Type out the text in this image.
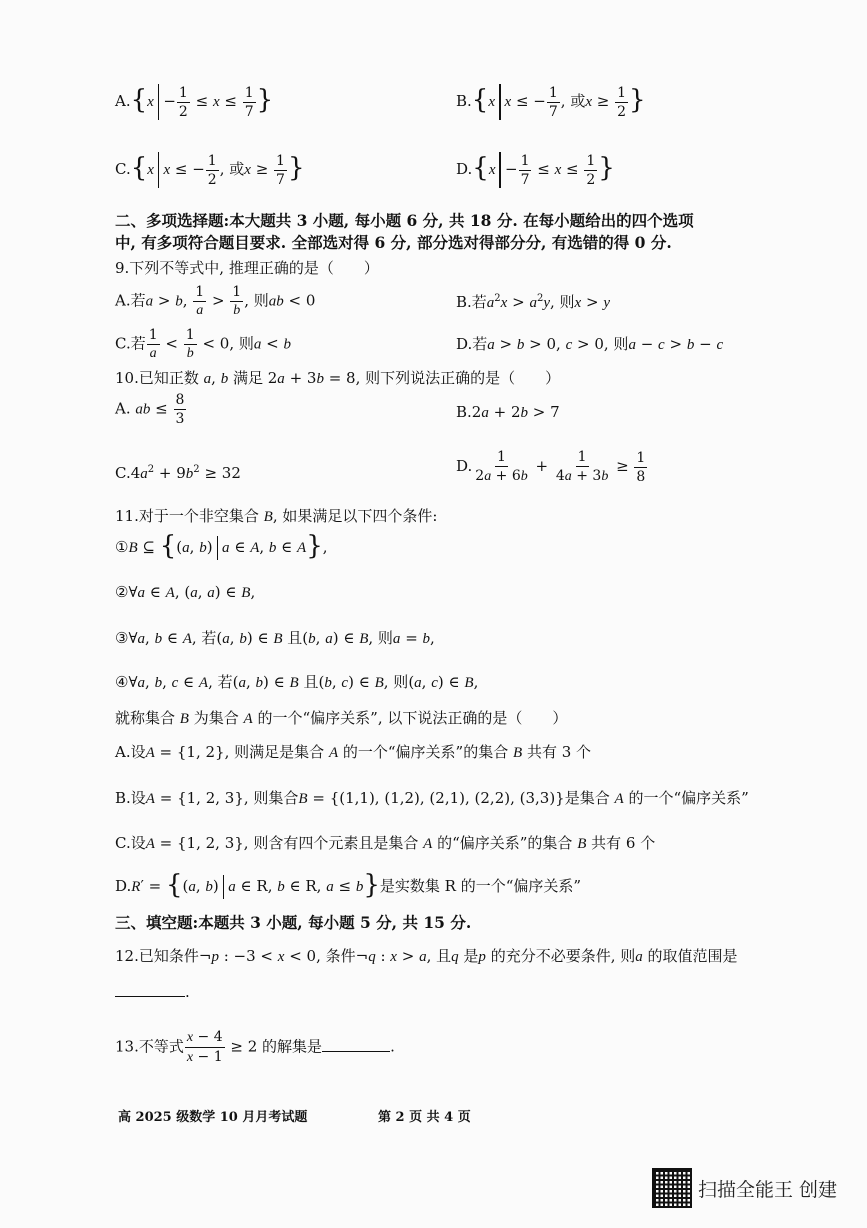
$A.\{x - \frac{1}{2} \le x \le \frac{1}{7}$ }	B.{x x ≤ − $\frac{1}{7}$ , 或$x \ge \frac{1}{2}$ }
C.{x x ≤ − $\frac{1}{2}$ , 或$x \ge \frac{1}{7}$ }	$D.\{x - \frac{1}{7} \le x \le \frac{1}{2}$ }
二、多项选择题:本大题共 3 小题, 每小题 6 分, 共 18 分. 在每小题给出的四个选项
中, 有多项符合题目要求. 全部选对得 6 分, 部分选对得部分分, 有选错的得 0 分.
9.下列不等式中, 推理正确的是（　　）
A.若a > b, $\frac{1}{a} > \frac{1}{b}$ , 则ab < 0	B.若$a^2x > a^2y$, 则x > y
C.若 $\frac{1}{a} < \frac{1}{b} < 0$, 则a < b	D.若a > b > 0, c > 0, 则a − c > b − c
10.已知正数 a, b 满足 2a + 3b = 8, 则下列说法正确的是（　　）
A. ab ≤ $\frac{8}{3}$	B.2a + 2b > 7
$C.4a^2 + 9b^2 \ge 32$	D. $\frac{1}{2a + 6b} + \frac{1}{4a + 3b} \ge \frac{1}{8}$
11.对于一个非空集合 B, 如果满足以下四个条件:
①B ⊆ {(a, b) a ∈ A, b ∈ A},
②∀a ∈ A, (a, a) ∈ B,
③∀a, b ∈ A, 若(a, b) ∈ B 且(b, a) ∈ B, 则a = b,
④∀a, b, c ∈ A, 若(a, b) ∈ B 且(b, c) ∈ B, 则(a, c) ∈ B,
就称集合 B 为集合 A 的一个“偏序关系”, 以下说法正确的是（　　）
A.设A = {1, 2}, 则满足是集合 A 的一个“偏序关系”的集合 B 共有 3 个
B.设A = {1, 2, 3}, 则集合B = {(1,1), (1,2), (2,1), (2,2), (3,3)}是集合 A 的一个“偏序关系”
C.设A = {1, 2, 3}, 则含有四个元素且是集合 A 的“偏序关系”的集合 B 共有 6 个
D.R′ = {(a, b) a ∈ R, b ∈ R, a ≤ b}是实数集 R 的一个“偏序关系”
三、填空题:本题共 3 小题, 每小题 5 分, 共 15 分.
12.已知条件¬p : −3 < x < 0, 条件¬q : x > a, 且q 是p 的充分不必要条件, 则a 的取值范围是
.
13.不等式 $\frac{x - 4}{x - 1} \ge 2$ 的解集是	.
高 2025 级数学 10 月月考试题	第 2 页 共 4 页
扫描全能王 创建
